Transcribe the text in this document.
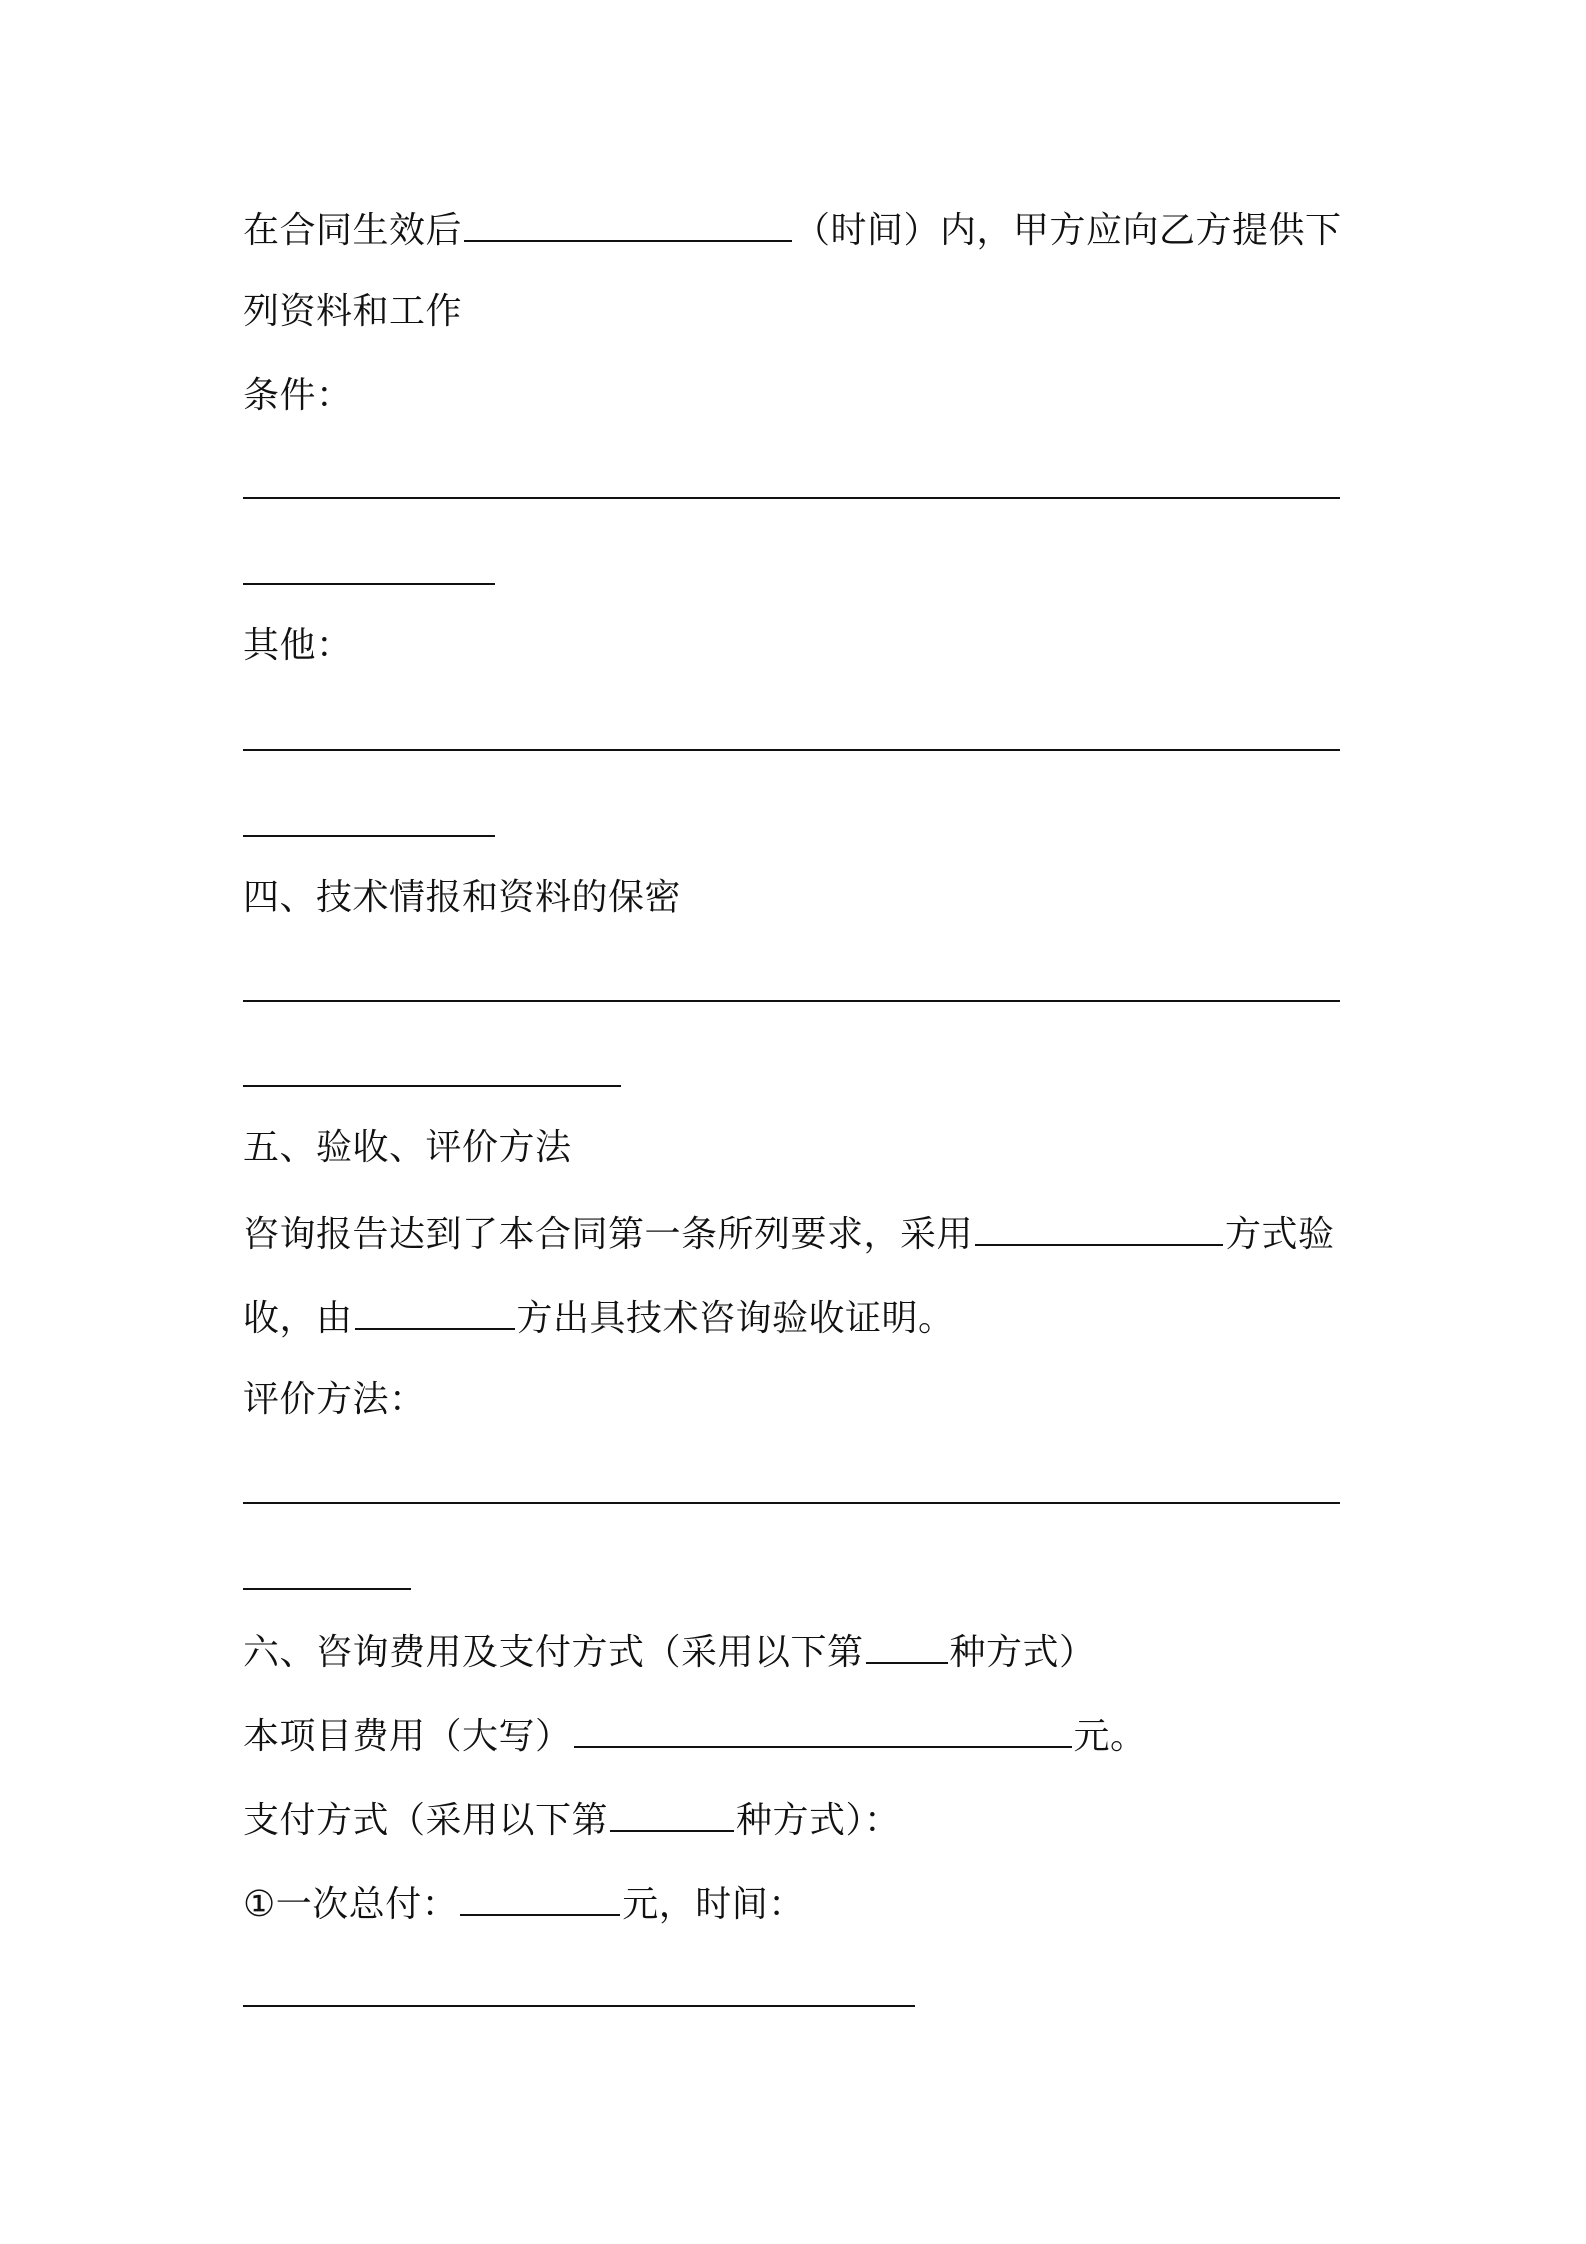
在合同生效后	（时间）内，甲方应向乙方提供下
列资料和工作
条件：
其他：
四、技术情报和资料的保密
五、验收、评价方法
咨询报告达到了本合同第一条所列要求，采用	方式验
收，由	方出具技术咨询验收证明。
评价方法：
六、咨询费用及支付方式（采用以下第 种方式）
本项目费用（大写）	元。
支付方式（采用以下第	种方式）：
①一次总付：	元，时间：
